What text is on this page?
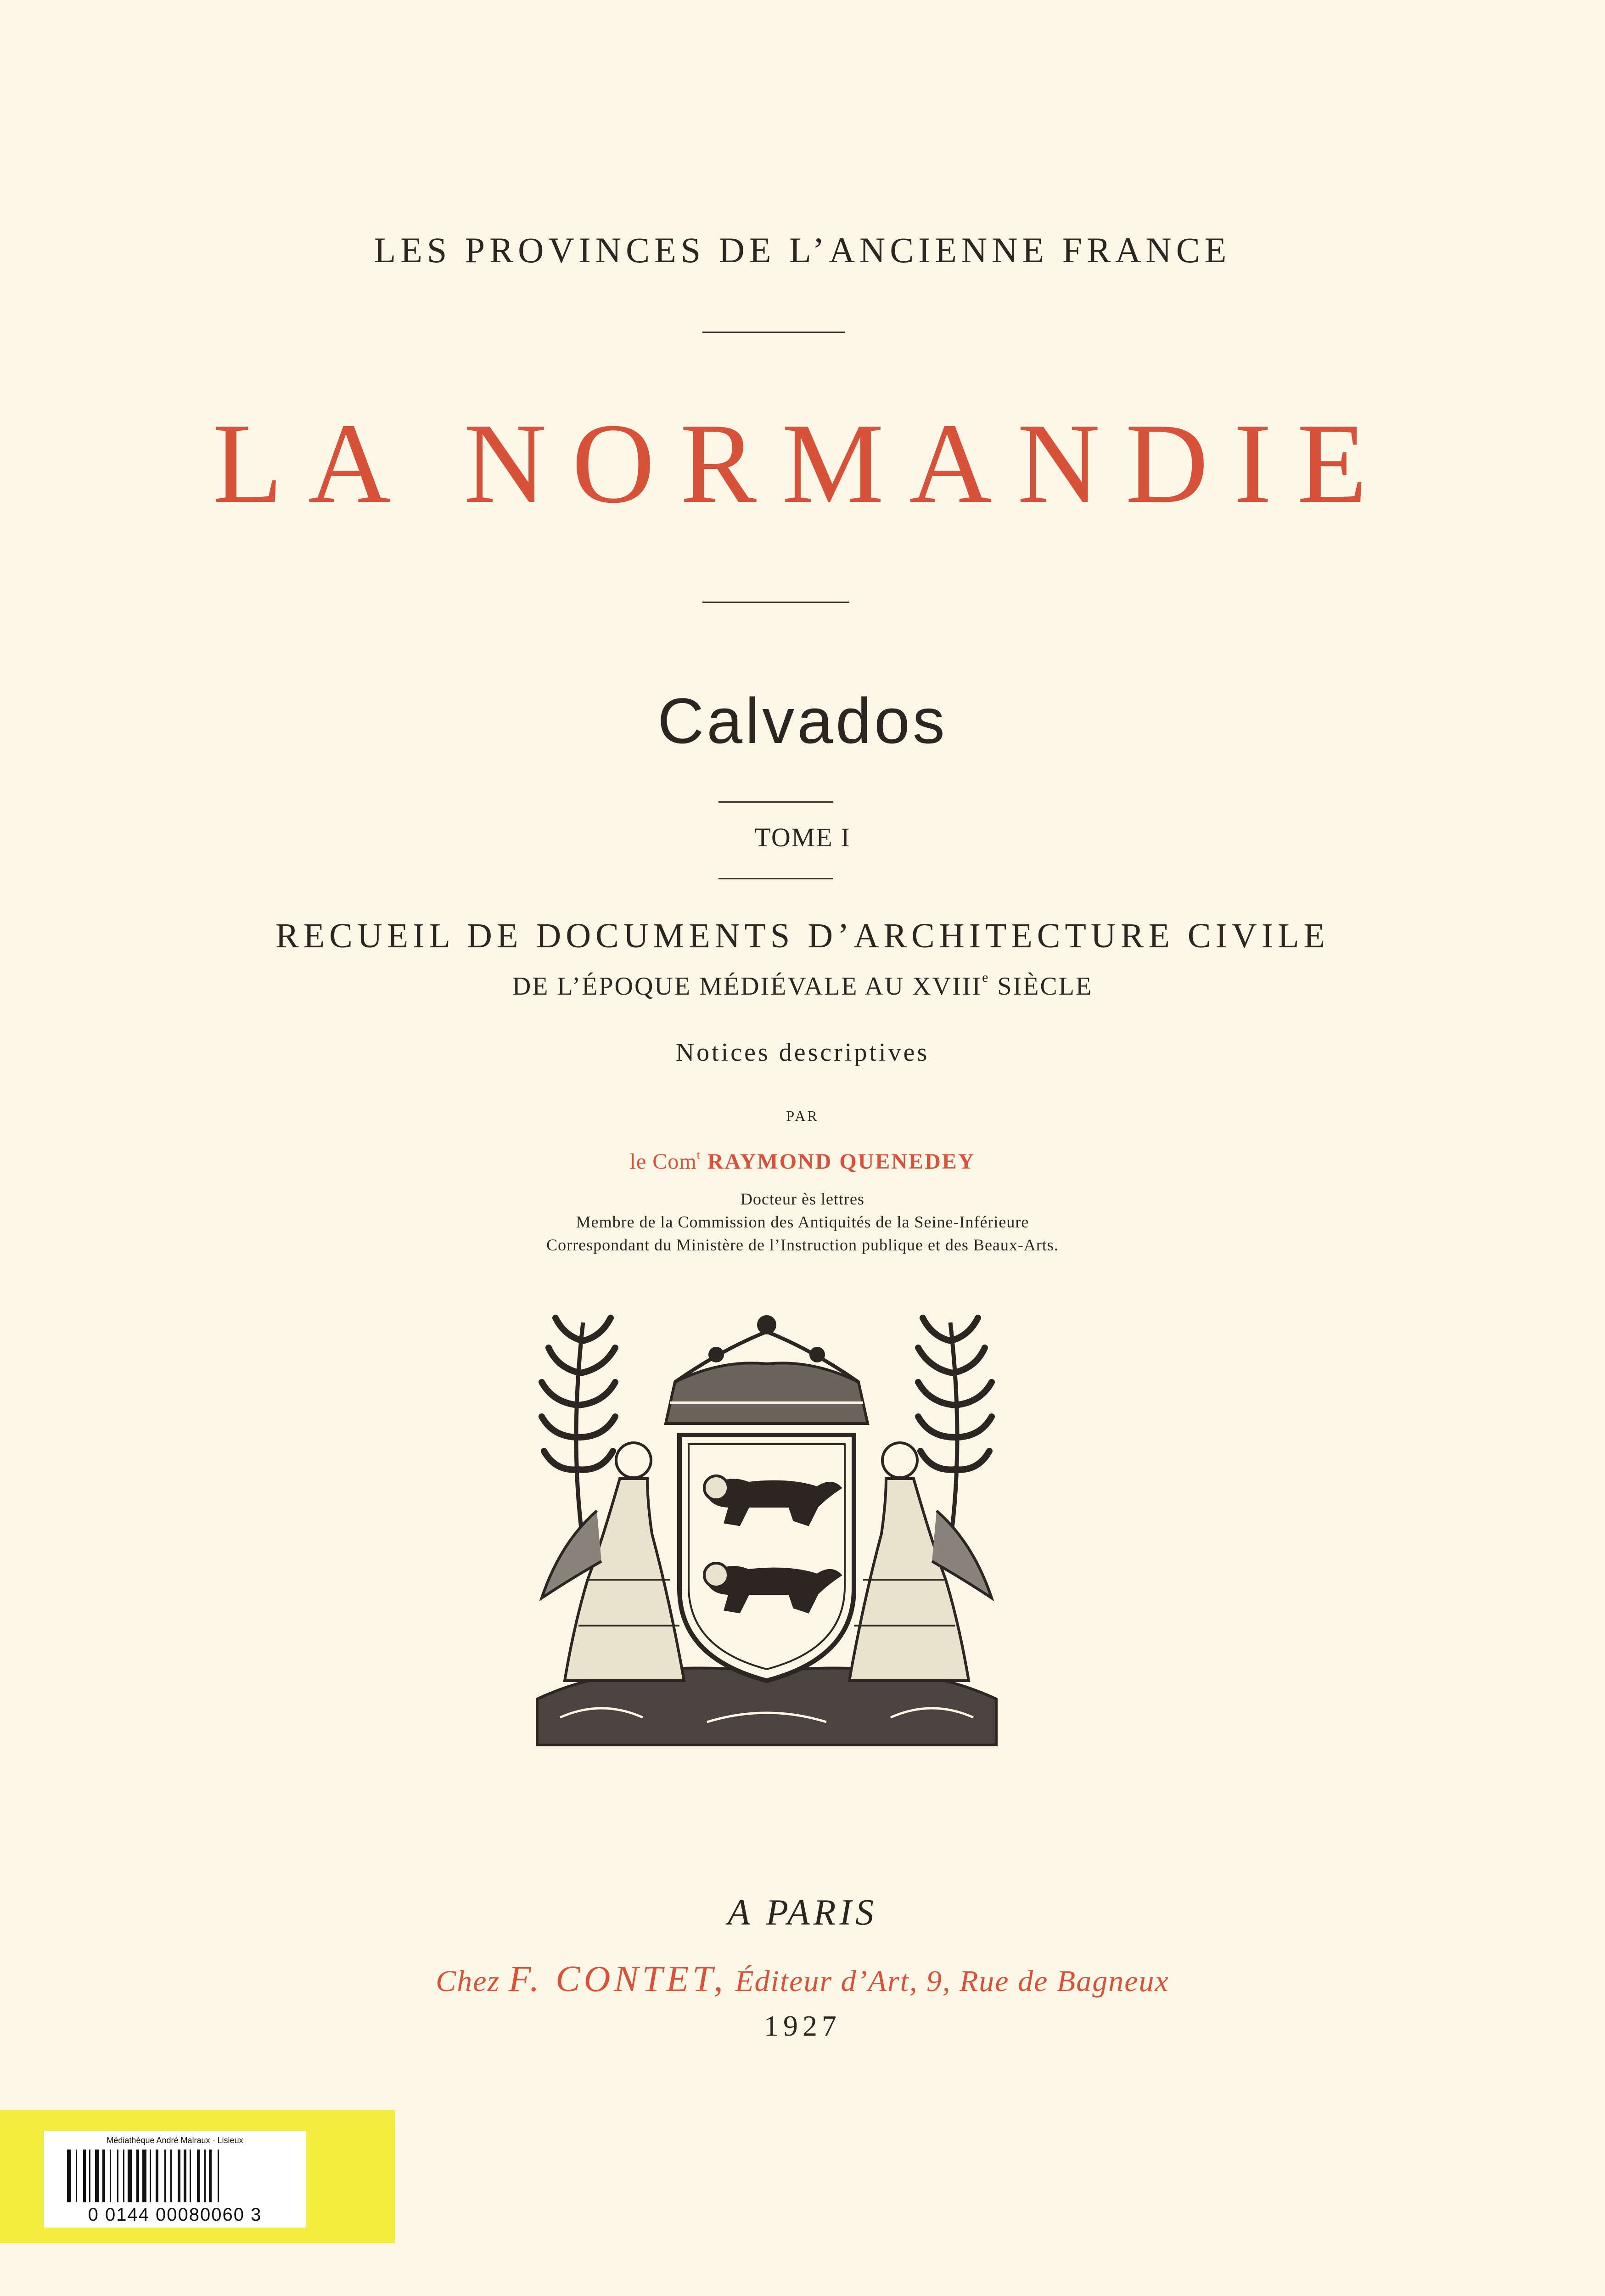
LES PROVINCES DE L’ANCIENNE FRANCE
LA NORMANDIE
Calvados
TOME I
RECUEIL DE DOCUMENTS D’ARCHITECTURE CIVILE
DE L’ÉPOQUE MÉDIÉVALE AU XVIIIe SIÈCLE
Notices descriptives
PAR
le Com$^t$ RAYMOND QUENEDEY
Docteur ès lettres
Membre de la Commission des Antiquités de la Seine-Inférieure
Correspondant du Ministère de l’Instruction publique et des Beaux-Arts.
A PARIS
Chez F. CONTET, Éditeur d’Art, 9, Rue de Bagneux
1927
Médiathèque André Malraux - Lisieux
0 0144 00080060 3
